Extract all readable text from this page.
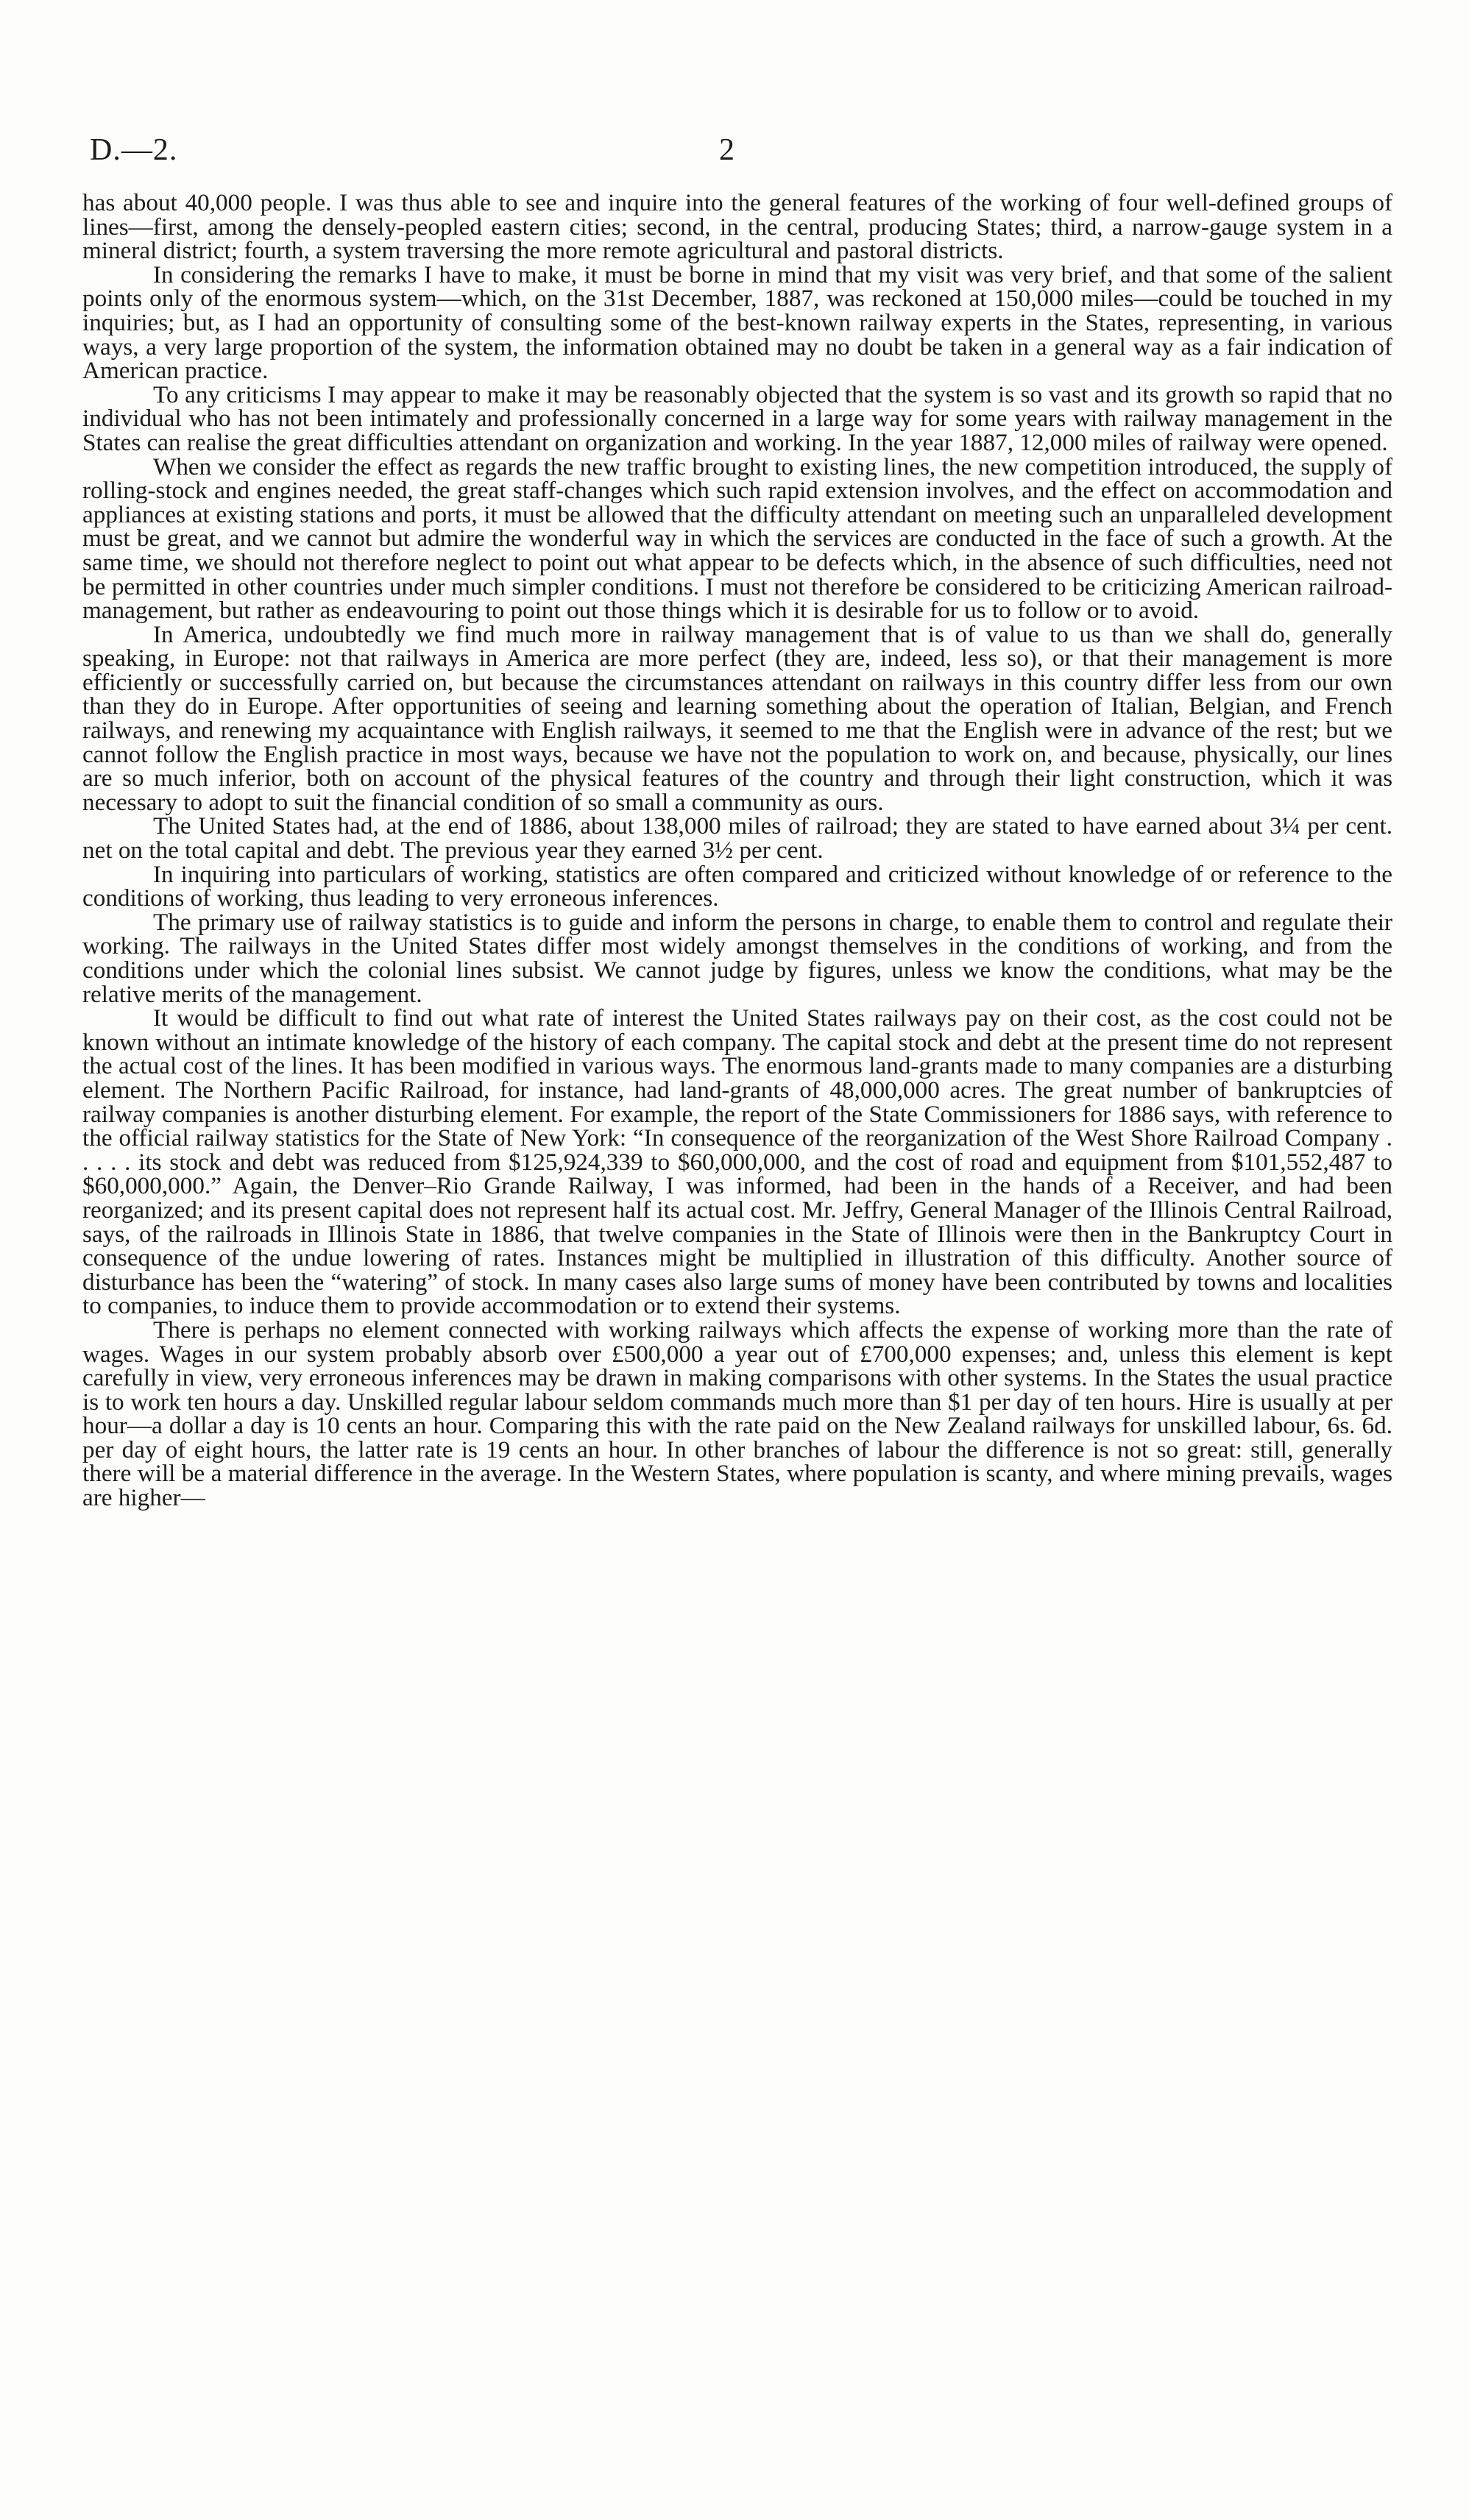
D.—2.	2

has about 40,000 people. I was thus able to see and inquire into the general features of the working of four well-defined groups of lines—first, among the densely-peopled eastern cities; second, in the central, producing States; third, a narrow-gauge system in a mineral district; fourth, a system traversing the more remote agricultural and pastoral districts.

In considering the remarks I have to make, it must be borne in mind that my visit was very brief, and that some of the salient points only of the enormous system—which, on the 31st December, 1887, was reckoned at 150,000 miles—could be touched in my inquiries; but, as I had an opportunity of consulting some of the best-known railway experts in the States, representing, in various ways, a very large proportion of the system, the information obtained may no doubt be taken in a general way as a fair indication of American practice.

To any criticisms I may appear to make it may be reasonably objected that the system is so vast and its growth so rapid that no individual who has not been intimately and professionally concerned in a large way for some years with railway management in the States can realise the great difficulties attendant on organization and working. In the year 1887, 12,000 miles of railway were opened.

When we consider the effect as regards the new traffic brought to existing lines, the new competition introduced, the supply of rolling-stock and engines needed, the great staff-changes which such rapid extension involves, and the effect on accommodation and appliances at existing stations and ports, it must be allowed that the difficulty attendant on meeting such an unparalleled development must be great, and we cannot but admire the wonderful way in which the services are conducted in the face of such a growth. At the same time, we should not therefore neglect to point out what appear to be defects which, in the absence of such difficulties, need not be permitted in other countries under much simpler conditions. I must not therefore be considered to be criticizing American railroad-management, but rather as endeavouring to point out those things which it is desirable for us to follow or to avoid.

In America, undoubtedly we find much more in railway management that is of value to us than we shall do, generally speaking, in Europe: not that railways in America are more perfect (they are, indeed, less so), or that their management is more efficiently or successfully carried on, but because the circumstances attendant on railways in this country differ less from our own than they do in Europe. After opportunities of seeing and learning something about the operation of Italian, Belgian, and French railways, and renewing my acquaintance with English railways, it seemed to me that the English were in advance of the rest; but we cannot follow the English practice in most ways, because we have not the population to work on, and because, physically, our lines are so much inferior, both on account of the physical features of the country and through their light construction, which it was necessary to adopt to suit the financial condition of so small a community as ours.

The United States had, at the end of 1886, about 138,000 miles of railroad; they are stated to have earned about 3¼ per cent. net on the total capital and debt. The previous year they earned 3½ per cent.

In inquiring into particulars of working, statistics are often compared and criticized without knowledge of or reference to the conditions of working, thus leading to very erroneous inferences.

The primary use of railway statistics is to guide and inform the persons in charge, to enable them to control and regulate their working. The railways in the United States differ most widely amongst themselves in the conditions of working, and from the conditions under which the colonial lines subsist. We cannot judge by figures, unless we know the conditions, what may be the relative merits of the management.

It would be difficult to find out what rate of interest the United States railways pay on their cost, as the cost could not be known without an intimate knowledge of the history of each company. The capital stock and debt at the present time do not represent the actual cost of the lines. It has been modified in various ways. The enormous land-grants made to many companies are a disturbing element. The Northern Pacific Railroad, for instance, had land-grants of 48,000,000 acres. The great number of bankruptcies of railway companies is another disturbing element. For example, the report of the State Commissioners for 1886 says, with reference to the official railway statistics for the State of New York: “In consequence of the reorganization of the West Shore Railroad Company . . . . . its stock and debt was reduced from $125,924,339 to $60,000,000, and the cost of road and equipment from $101,552,487 to $60,000,000.” Again, the Denver–Rio Grande Railway, I was informed, had been in the hands of a Receiver, and had been reorganized; and its present capital does not represent half its actual cost. Mr. Jeffry, General Manager of the Illinois Central Railroad, says, of the railroads in Illinois State in 1886, that twelve companies in the State of Illinois were then in the Bankruptcy Court in consequence of the undue lowering of rates. Instances might be multiplied in illustration of this difficulty. Another source of disturbance has been the “watering” of stock. In many cases also large sums of money have been contributed by towns and localities to companies, to induce them to provide accommodation or to extend their systems.

There is perhaps no element connected with working railways which affects the expense of working more than the rate of wages. Wages in our system probably absorb over £500,000 a year out of £700,000 expenses; and, unless this element is kept carefully in view, very erroneous inferences may be drawn in making comparisons with other systems. In the States the usual practice is to work ten hours a day. Unskilled regular labour seldom commands much more than $1 per day of ten hours. Hire is usually at per hour—a dollar a day is 10 cents an hour. Comparing this with the rate paid on the New Zealand railways for unskilled labour, 6s. 6d. per day of eight hours, the latter rate is 19 cents an hour. In other branches of labour the difference is not so great: still, generally there will be a material difference in the average. In the Western States, where population is scanty, and where mining prevails, wages are higher—
